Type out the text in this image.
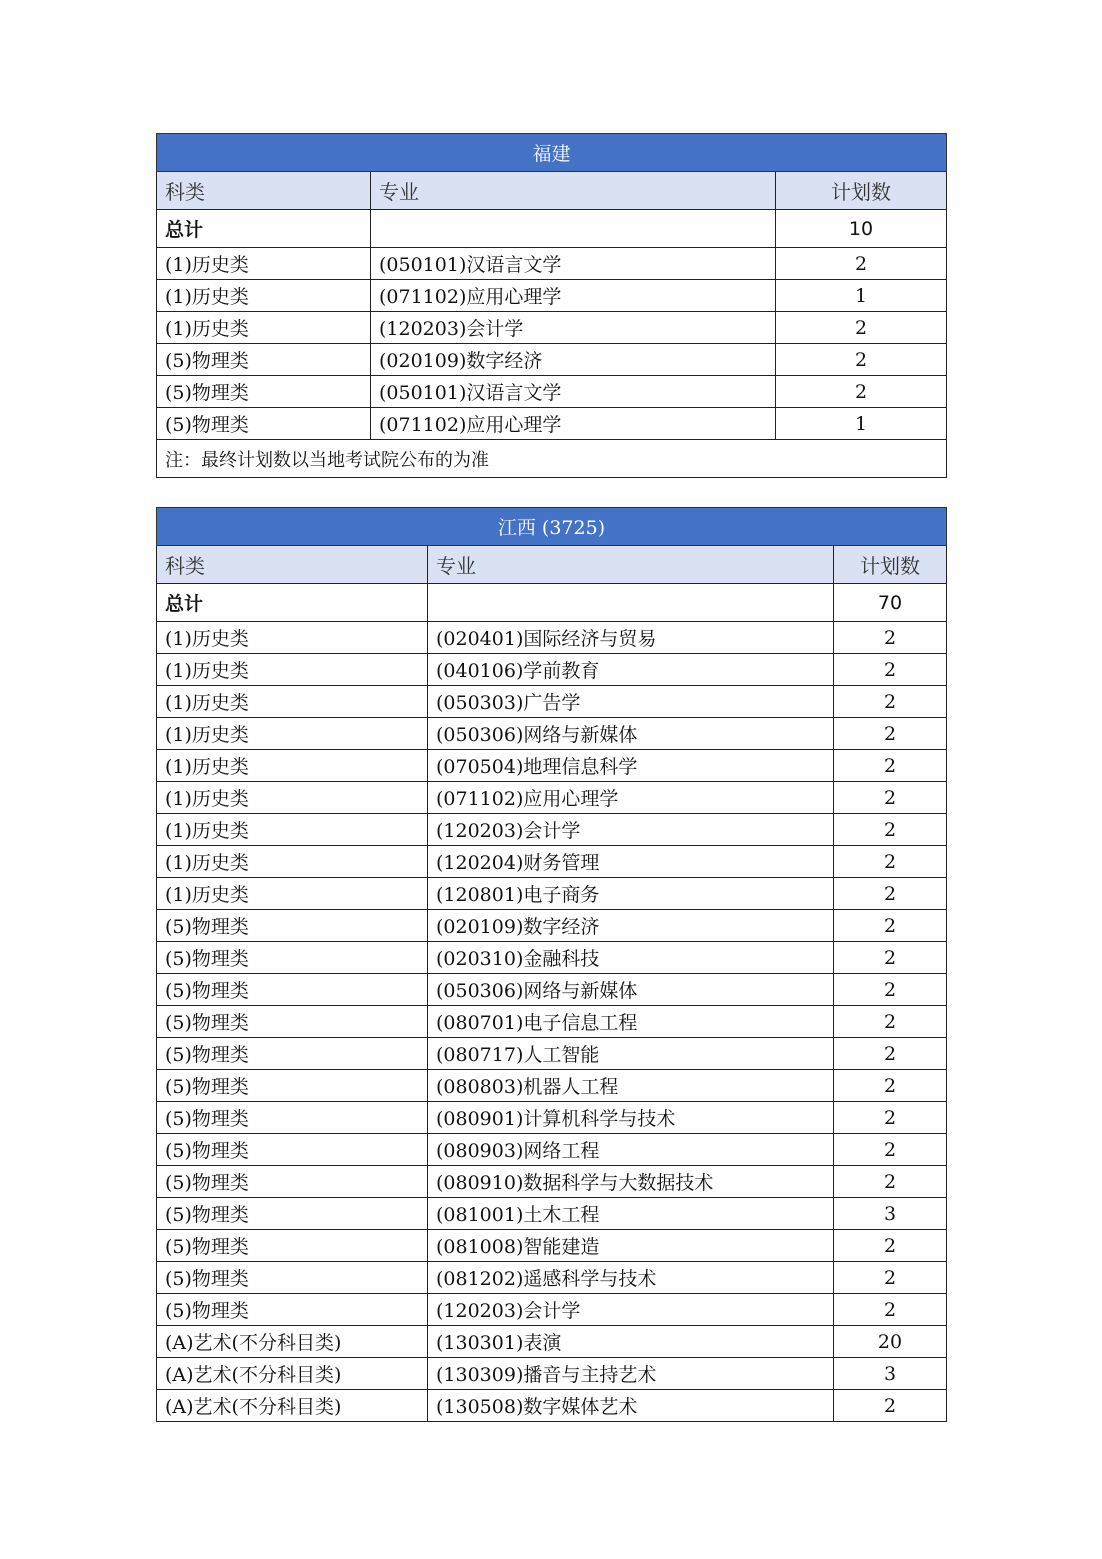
福建		
科类	专业	计划数
总计		10
(1)历史类	(050101)汉语言文学	2
(1)历史类	(071102)应用心理学	1
(1)历史类	(120203)会计学	2
(5)物理类	(020109)数字经济	2
(5)物理类	(050101)汉语言文学	2
(5)物理类	(071102)应用心理学	1
注：最终计划数以当地考试院公布的为准		
江西 (3725)		
科类	专业	计划数
总计		70
(1)历史类	(020401)国际经济与贸易	2
(1)历史类	(040106)学前教育	2
(1)历史类	(050303)广告学	2
(1)历史类	(050306)网络与新媒体	2
(1)历史类	(070504)地理信息科学	2
(1)历史类	(071102)应用心理学	2
(1)历史类	(120203)会计学	2
(1)历史类	(120204)财务管理	2
(1)历史类	(120801)电子商务	2
(5)物理类	(020109)数字经济	2
(5)物理类	(020310)金融科技	2
(5)物理类	(050306)网络与新媒体	2
(5)物理类	(080701)电子信息工程	2
(5)物理类	(080717)人工智能	2
(5)物理类	(080803)机器人工程	2
(5)物理类	(080901)计算机科学与技术	2
(5)物理类	(080903)网络工程	2
(5)物理类	(080910)数据科学与大数据技术	2
(5)物理类	(081001)土木工程	3
(5)物理类	(081008)智能建造	2
(5)物理类	(081202)遥感科学与技术	2
(5)物理类	(120203)会计学	2
(A)艺术(不分科目类)	(130301)表演	20
(A)艺术(不分科目类)	(130309)播音与主持艺术	3
(A)艺术(不分科目类)	(130508)数字媒体艺术	2
